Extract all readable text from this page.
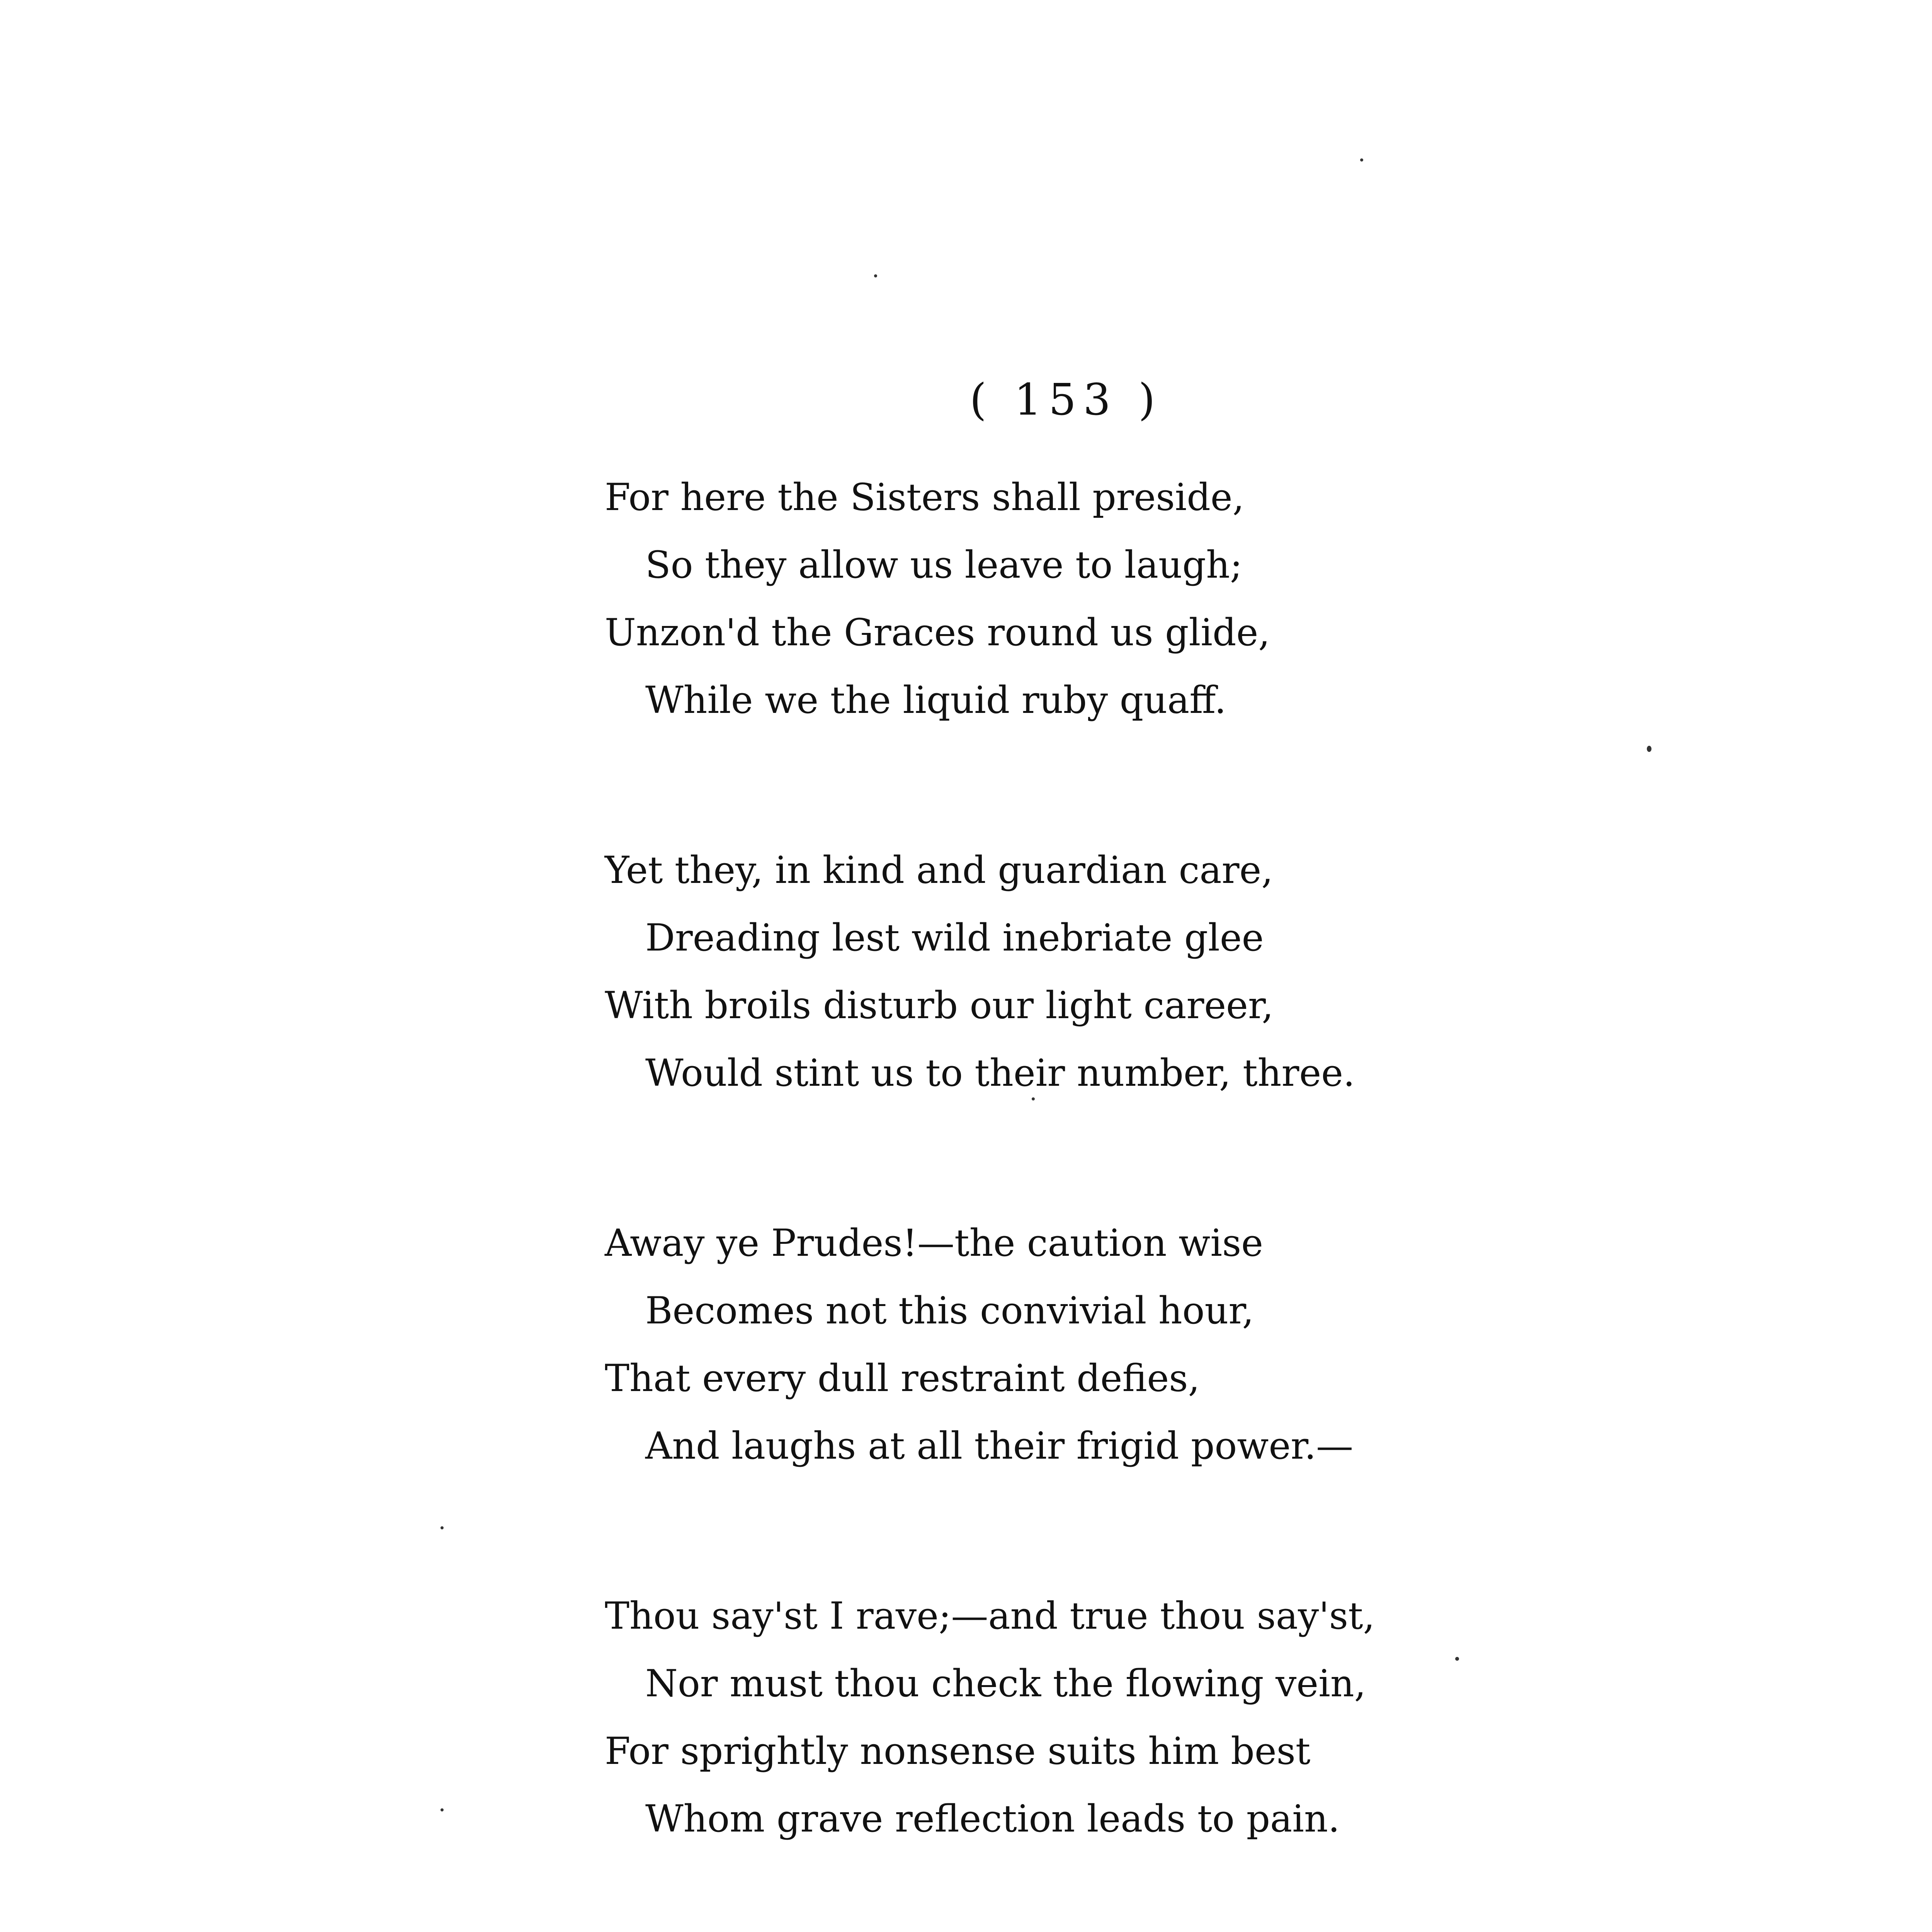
( 153 )
For here the Sisters shall preside,
So they allow us leave to laugh;
Unzon'd the Graces round us glide,
While we the liquid ruby quaff.
Yet they, in kind and guardian care,
Dreading lest wild inebriate glee
With broils disturb our light career,
Would stint us to their number, three.
Away ye Prudes!—the caution wise
Becomes not this convivial hour,
That every dull restraint defies,
And laughs at all their frigid power.—
Thou say'st I rave;—and true thou say'st,
Nor must thou check the flowing vein,
For sprightly nonsense suits him best
Whom grave reflection leads to pain.
